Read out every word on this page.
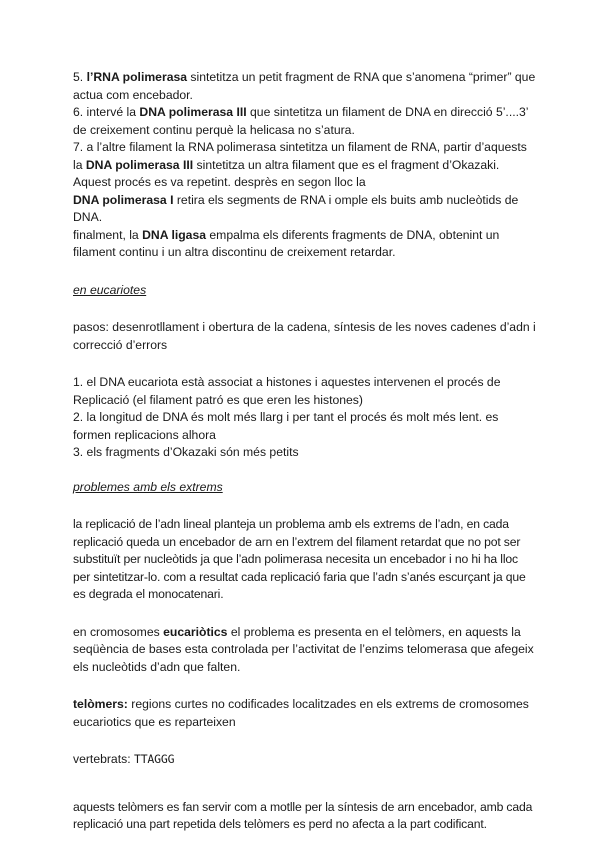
5. l’RNA polimerasa sintetitza un petit fragment de RNA que s’anomena “primer” que actua com encebador.

6. intervé la DNA polimerasa III que sintetitza un filament de DNA en direcció 5’....3’ de creixement continu perquè la helicasa no s’atura.

7. a l’altre filament la RNA polimerasa sintetitza un filament de RNA, partir d’aquests la DNA polimerasa III sintetitza un altra filament que es el fragment d’Okazaki.
Aquest procés es va repetint. desprès en segon lloc la
DNA polimerasa I retira els segments de RNA i omple els buits amb nucleòtids de DNA.

finalment, la DNA ligasa empalma els diferents fragments de DNA, obtenint un filament continu i un altra discontinu de creixement retardar.

en eucariotes

pasos: desenrotllament i obertura de la cadena, síntesis de les noves cadenes d’adn i correcció d’errors

1. el DNA eucariota està associat a histones i aquestes intervenen el procés de Replicació (el filament patró es que eren les histones)

2. la longitud de DNA és molt més llarg i per tant el procés és molt més lent. es formen replicacions alhora

3. els fragments d’Okazaki són més petits

problemes amb els extrems

la replicació de l’adn lineal planteja un problema amb els extrems de l’adn, en cada replicació queda un encebador de arn en l’extrem del filament retardat que no pot ser substituït per nucleòtids ja que l’adn polimerasa necesita un encebador i no hi ha lloc per sintetitzar-lo. com a resultat cada replicació faria que l’adn s’anés escurçant ja que es degrada el monocatenari.

en cromosomes eucariòtics el problema es presenta en el telòmers, en aquests la seqüència de bases esta controlada per l’activitat de l’enzims telomerasa que afegeix els nucleòtids d’adn que falten.

telòmers: regions curtes no codificades localitzades en els extrems de cromosomes eucariotics que es reparteixen

vertebrats: TTAGGG

aquests telòmers es fan servir com a motlle per la síntesis de arn encebador, amb cada replicació una part repetida dels telòmers es perd no afecta a la part codificant.
